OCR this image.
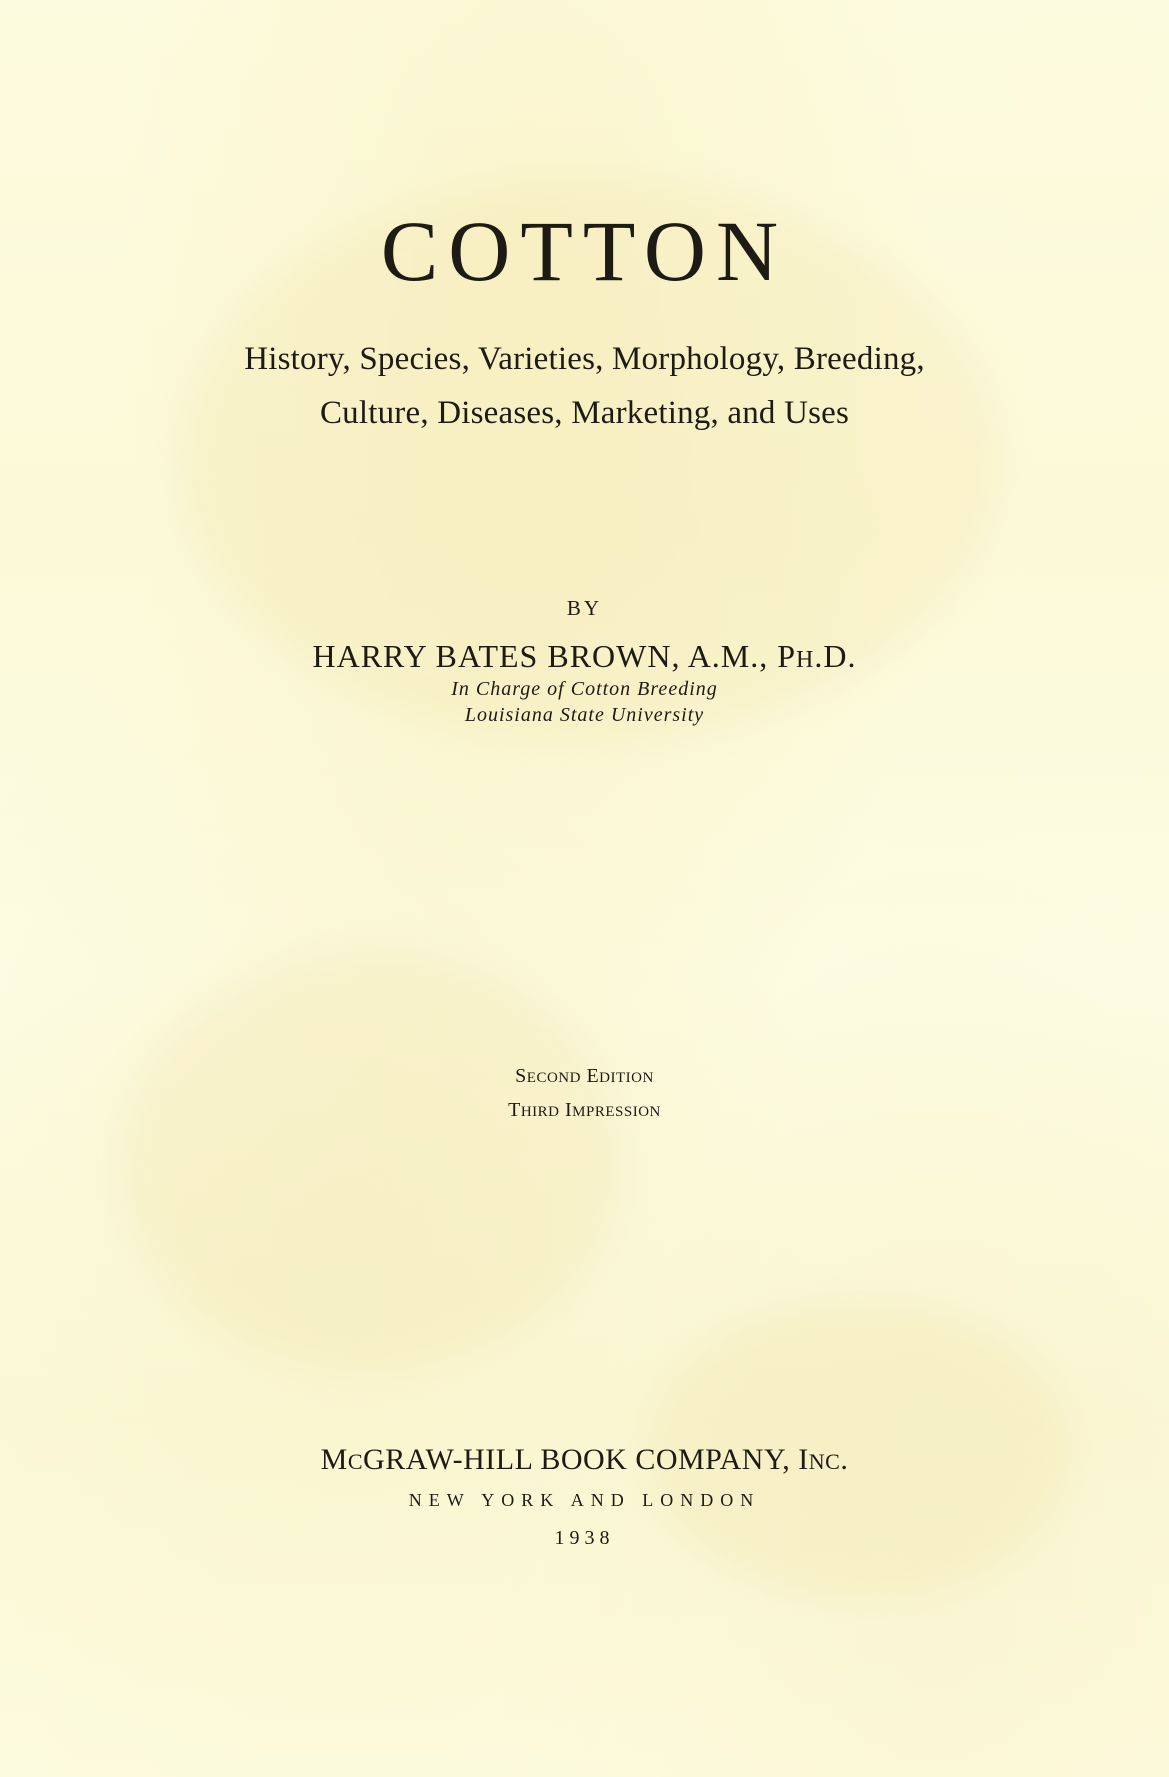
COTTON
History, Species, Varieties, Morphology, Breeding,
Culture, Diseases, Marketing, and Uses
BY
HARRY BATES BROWN, A.M., PH.D.
In Charge of Cotton Breeding
Louisiana State University
SECOND EDITION
THIRD IMPRESSION
MCGRAW-HILL BOOK COMPANY, INC.
NEW YORK AND LONDON
1938
